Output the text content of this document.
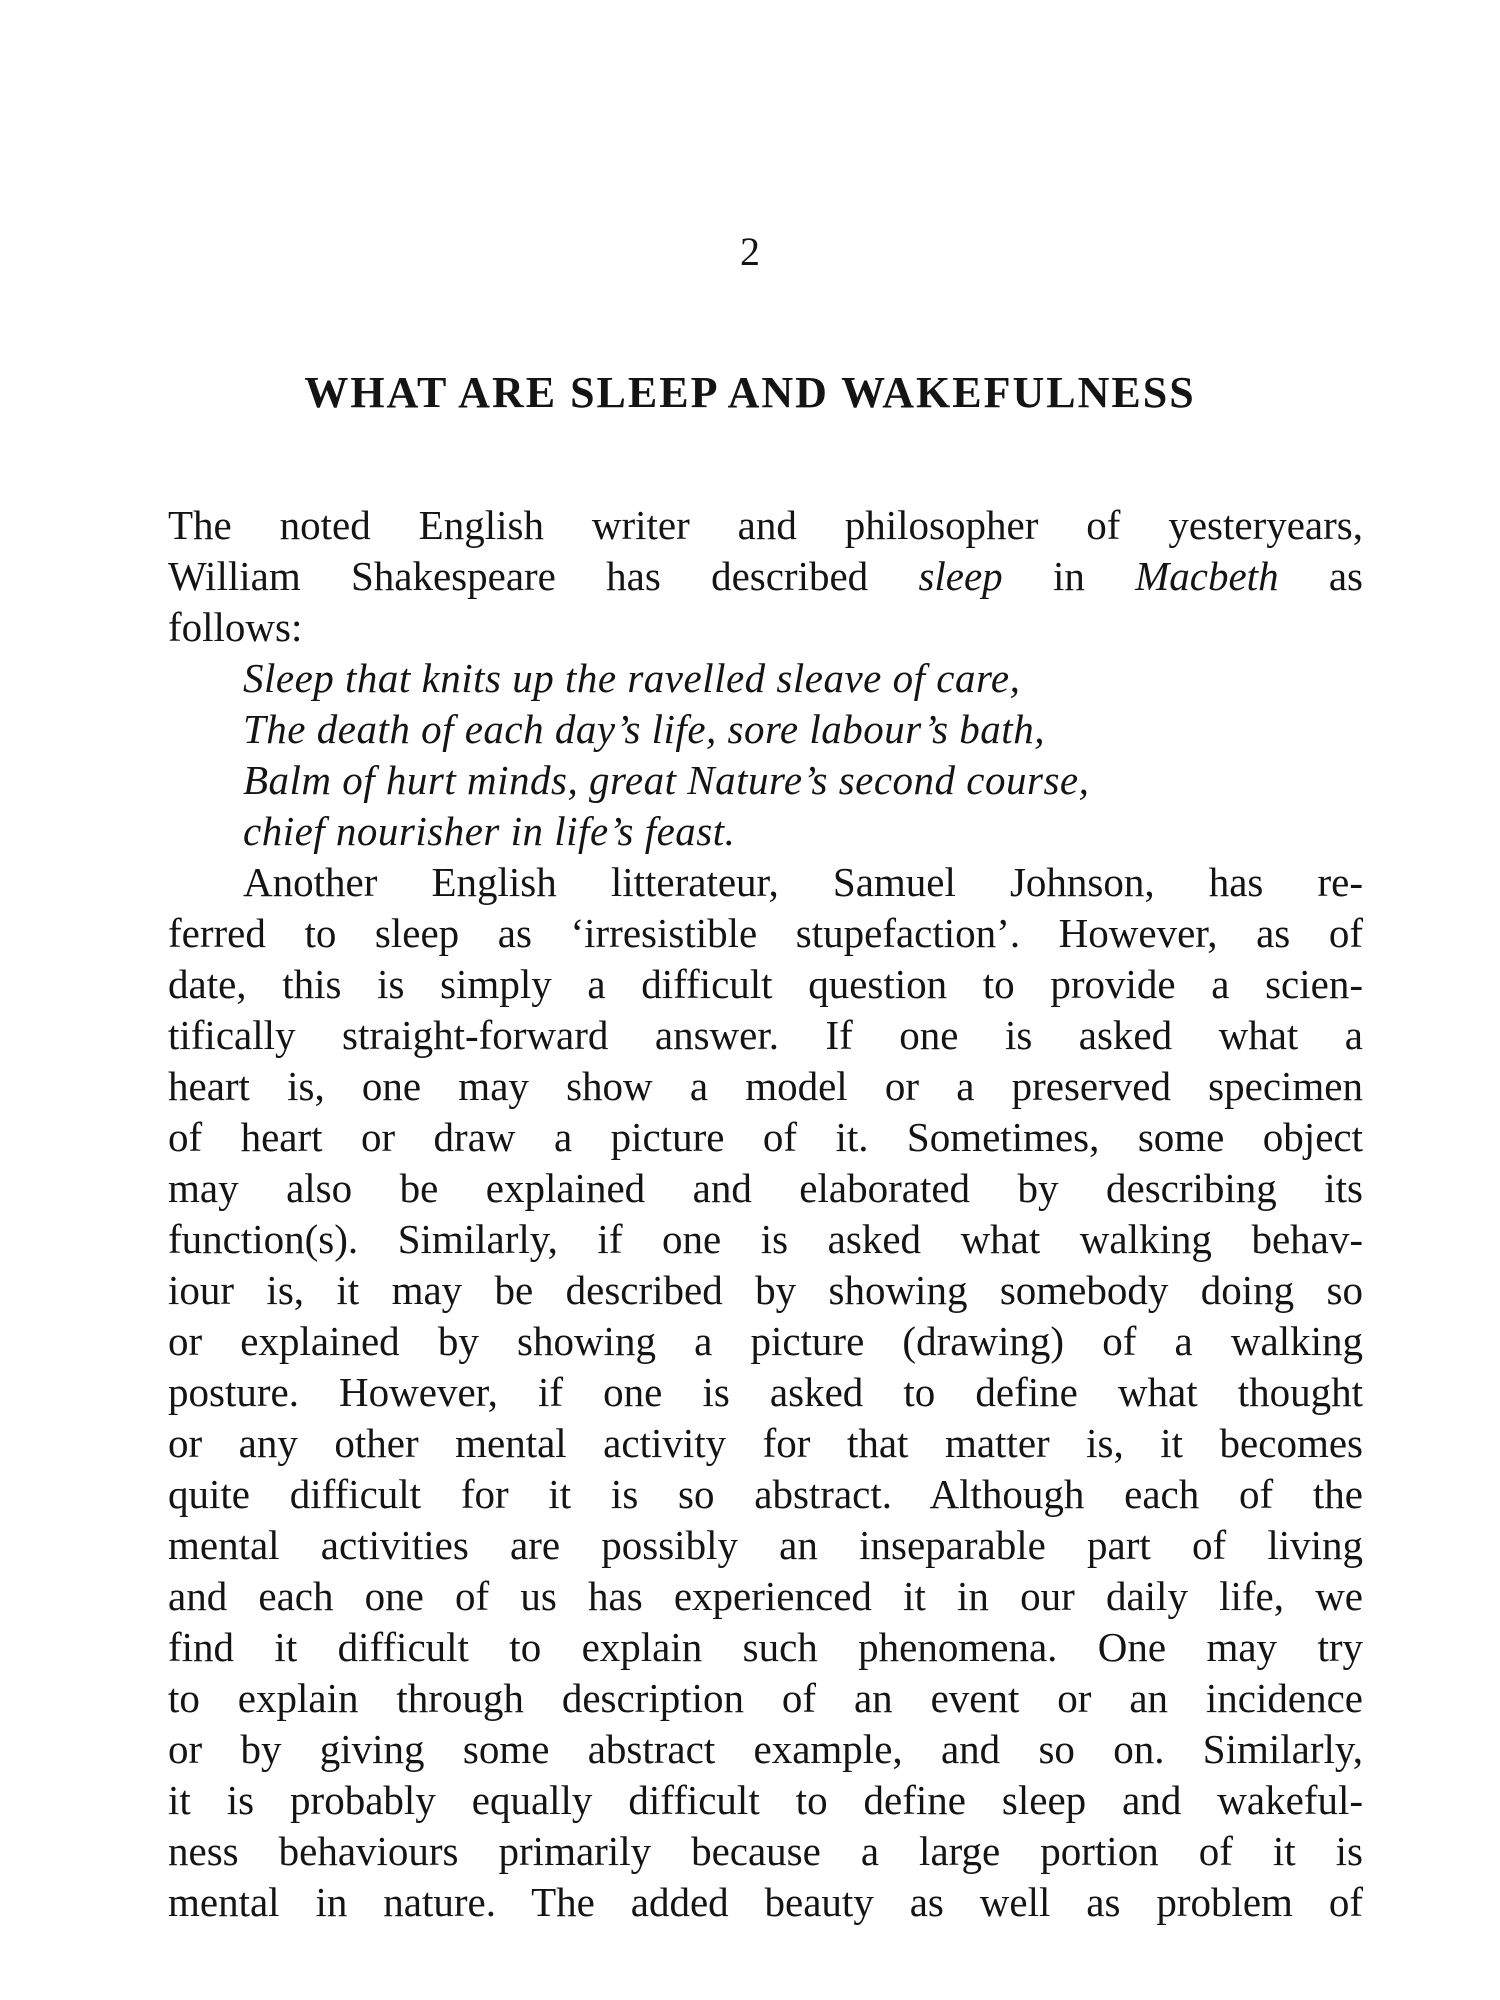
2
WHAT ARE SLEEP AND WAKEFULNESS
The noted English writer and philosopher of yesteryears,
William Shakespeare has described sleep in Macbeth as
follows:
Sleep that knits up the ravelled sleave of care,
The death of each day’s life, sore labour’s bath,
Balm of hurt minds, great Nature’s second course,
chief nourisher in life’s feast.
Another English litterateur, Samuel Johnson, has re-
ferred to sleep as ‘irresistible stupefaction’. However, as of
date, this is simply a difficult question to provide a scien-
tifically straight-forward answer. If one is asked what a
heart is, one may show a model or a preserved specimen
of heart or draw a picture of it. Sometimes, some object
may also be explained and elaborated by describing its
function(s). Similarly, if one is asked what walking behav-
iour is, it may be described by showing somebody doing so
or explained by showing a picture (drawing) of a walking
posture. However, if one is asked to define what thought
or any other mental activity for that matter is, it becomes
quite difficult for it is so abstract. Although each of the
mental activities are possibly an inseparable part of living
and each one of us has experienced it in our daily life, we
find it difficult to explain such phenomena. One may try
to explain through description of an event or an incidence
or by giving some abstract example, and so on. Similarly,
it is probably equally difficult to define sleep and wakeful-
ness behaviours primarily because a large portion of it is
mental in nature. The added beauty as well as problem of
